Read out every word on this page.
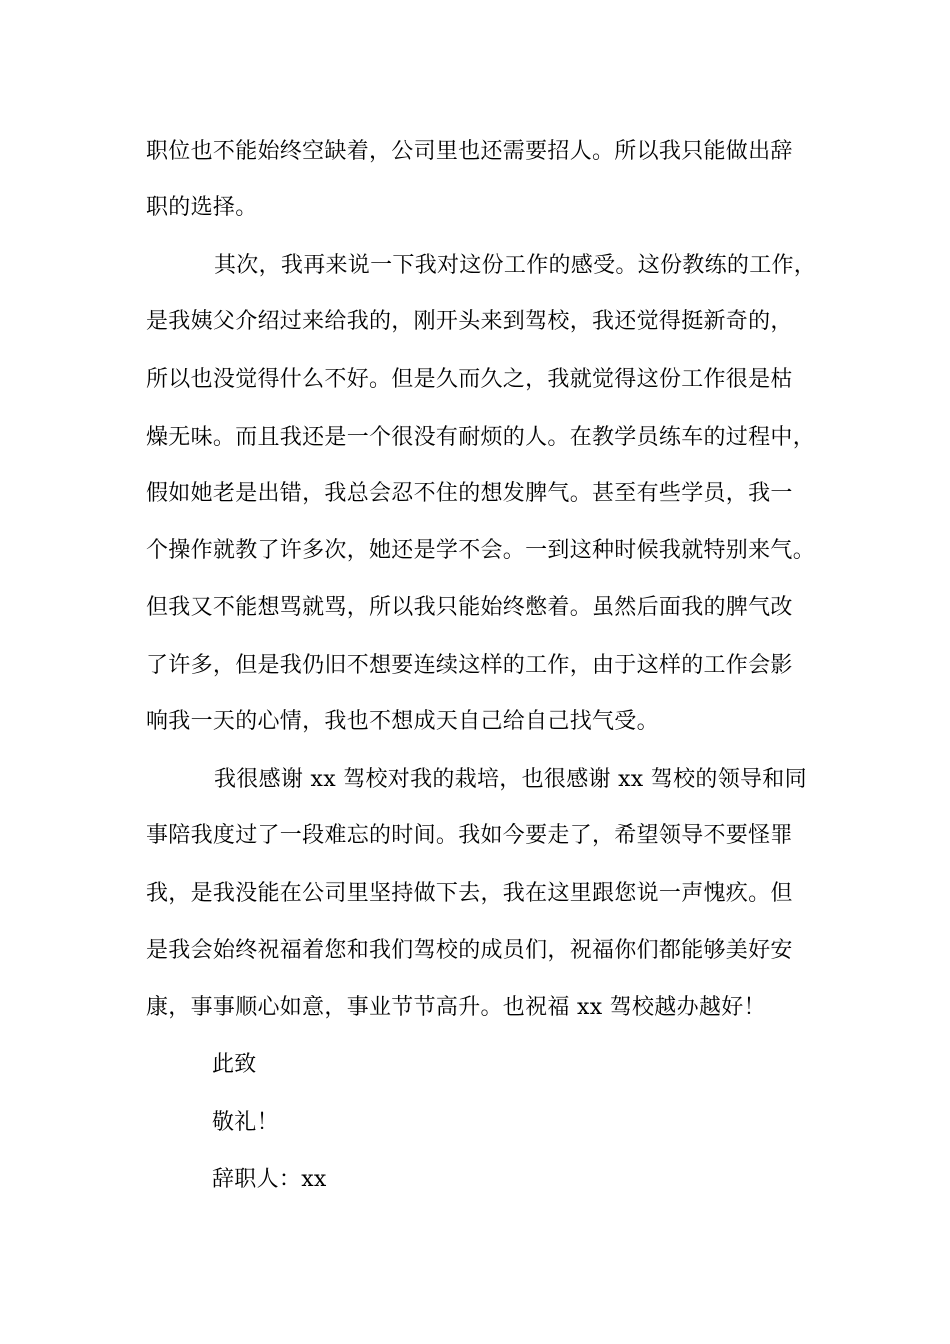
职位也不能始终空缺着，公司里也还需要招人。所以我只能做出辞
职的选择。
其次，我再来说一下我对这份工作的感受。这份教练的工作，
是我姨父介绍过来给我的，刚开头来到驾校，我还觉得挺新奇的，
所以也没觉得什么不好。但是久而久之，我就觉得这份工作很是枯
燥无味。而且我还是一个很没有耐烦的人。在教学员练车的过程中，
假如她老是出错，我总会忍不住的想发脾气。甚至有些学员，我一
个操作就教了许多次，她还是学不会。一到这种时候我就特别来气。
但我又不能想骂就骂，所以我只能始终憋着。虽然后面我的脾气改
了许多，但是我仍旧不想要连续这样的工作，由于这样的工作会影
响我一天的心情，我也不想成天自己给自己找气受。
我很感谢 xx 驾校对我的栽培，也很感谢 xx 驾校的领导和同
事陪我度过了一段难忘的时间。我如今要走了，希望领导不要怪罪
我，是我没能在公司里坚持做下去，我在这里跟您说一声愧疚。但
是我会始终祝福着您和我们驾校的成员们，祝福你们都能够美好安
康，事事顺心如意，事业节节高升。也祝福 xx 驾校越办越好！
此致
敬礼！
辞职人：xx
